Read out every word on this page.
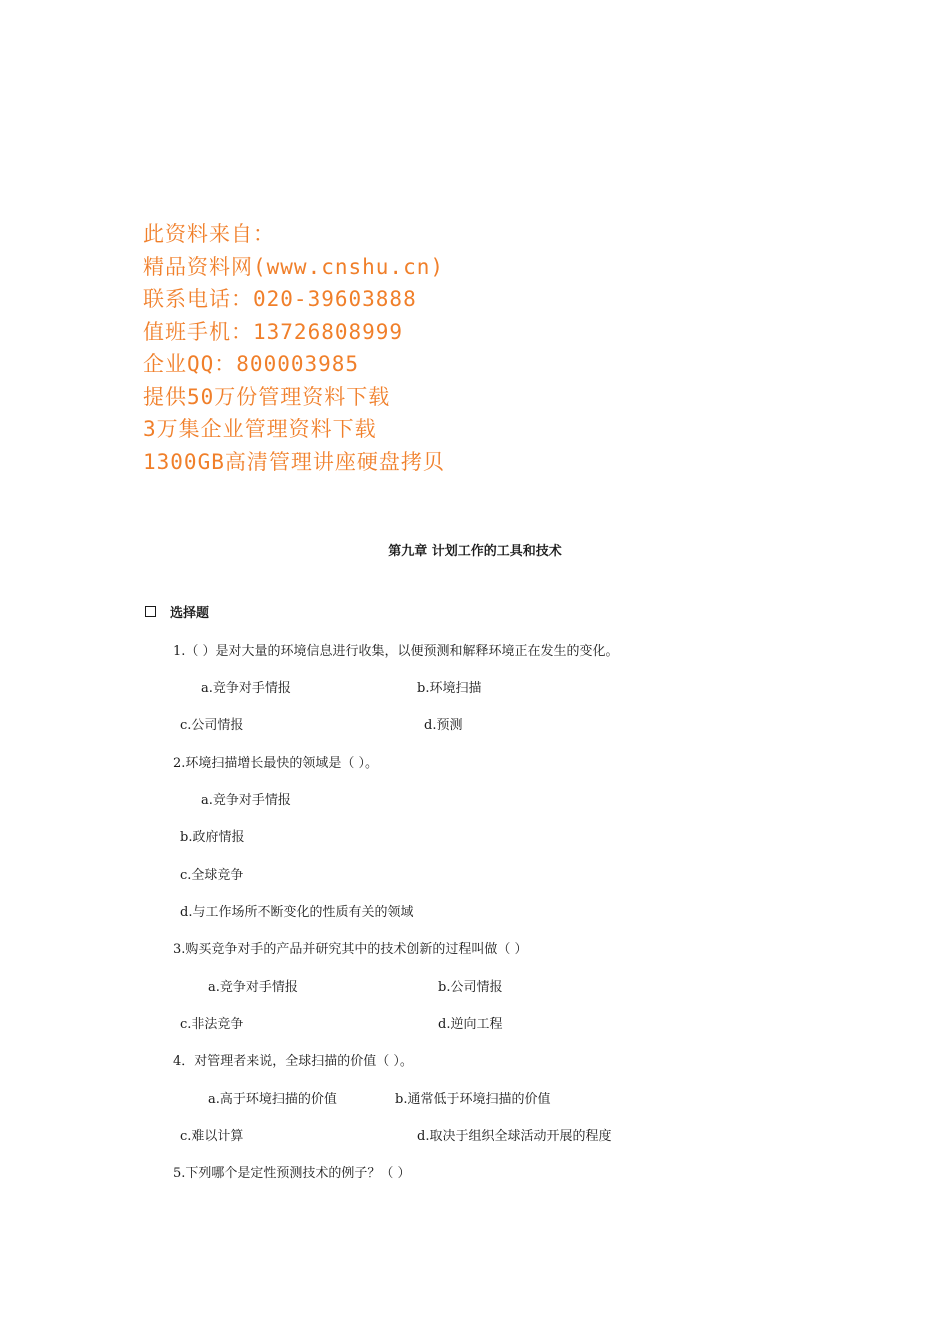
此资料来自：
精品资料网(www.cnshu.cn)
联系电话：020-39603888
值班手机：13726808999
企业QQ：800003985
提供50万份管理资料下载
3万集企业管理资料下载
1300GB高清管理讲座硬盘拷贝
第九章 计划工作的工具和技术
选择题
1.（ ）是对大量的环境信息进行收集，以便预测和解释环境正在发生的变化。
a.竞争对手情报	b.环境扫描
c.公司情报	d.预测
2.环境扫描增长最快的领域是（ ）。
a.竞争对手情报
b.政府情报
c.全球竞争
d.与工作场所不断变化的性质有关的领域
3.购买竞争对手的产品并研究其中的技术创新的过程叫做（ ）
a.竞争对手情报	b.公司情报
c.非法竞争	d.逆向工程
4．对管理者来说，全球扫描的价值（ ）。
a.高于环境扫描的价值	b.通常低于环境扫描的价值
c.难以计算	d.取决于组织全球活动开展的程度
5.下列哪个是定性预测技术的例子？（ ）
